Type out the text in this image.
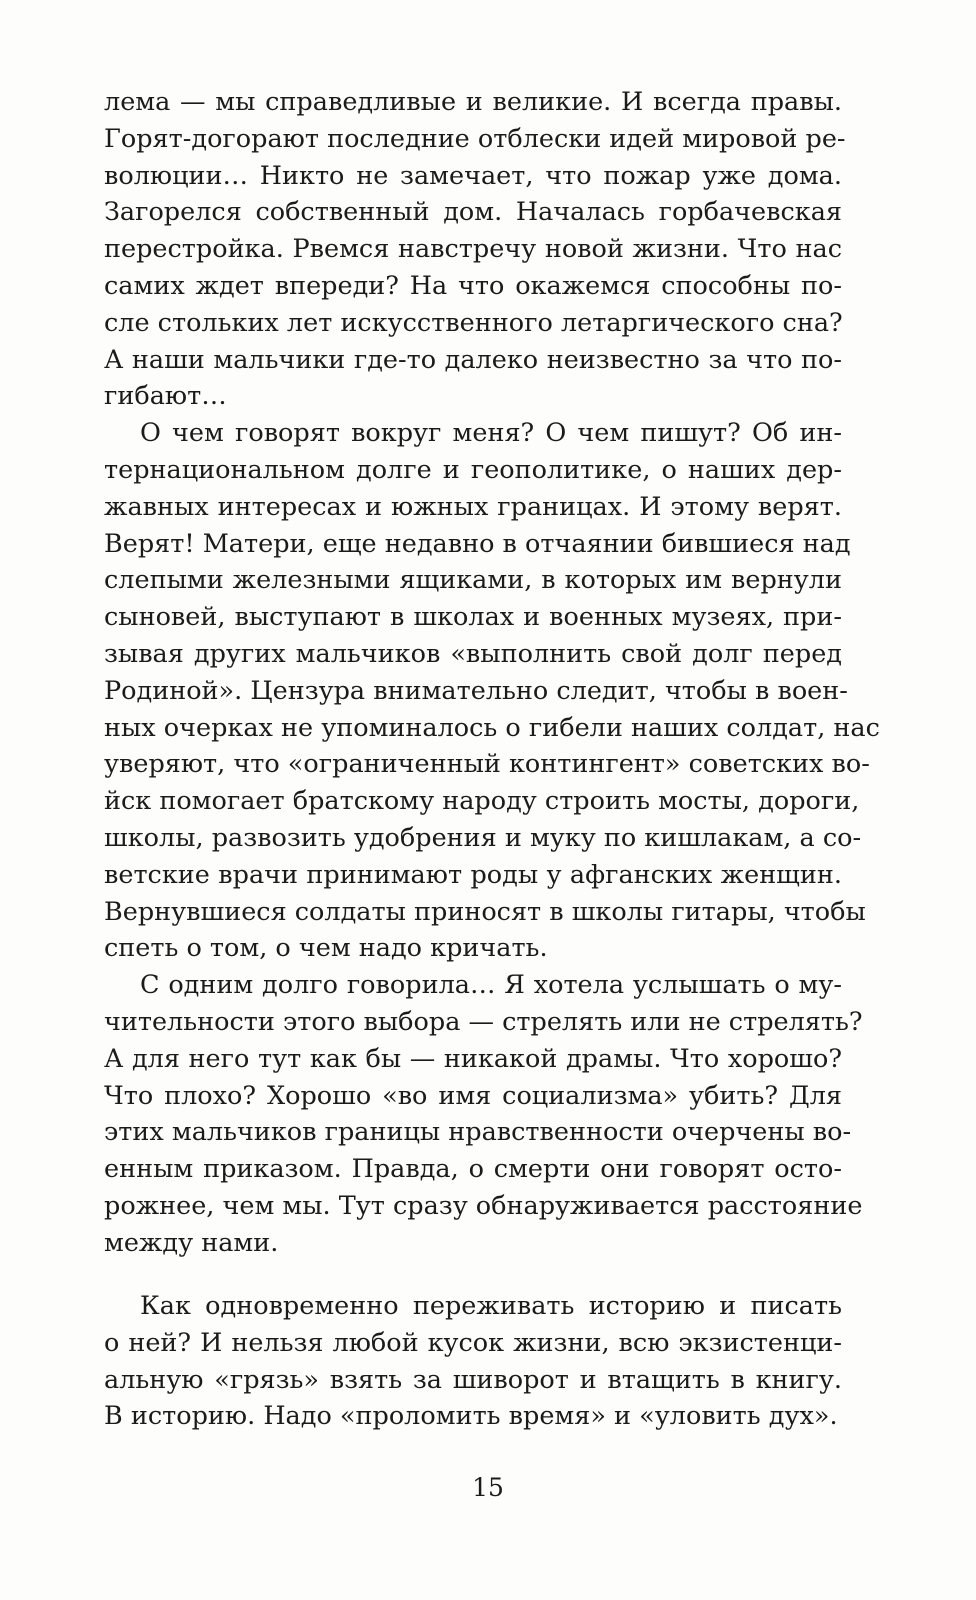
лема — мы справедливые и великие. И всегда правы.
Горят-догорают последние отблески идей мировой ре-
волюции… Никто не замечает, что пожар уже дома.
Загорелся собственный дом. Началась горбачевская
перестройка. Рвемся навстречу новой жизни. Что нас
самих ждет впереди? На что окажемся способны по-
сле стольких лет искусственного летаргического сна?
А наши мальчики где-то далеко неизвестно за что по-
гибают…
О чем говорят вокруг меня? О чем пишут? Об ин-
тернациональном долге и геополитике, о наших дер-
жавных интересах и южных границах. И этому верят.
Верят! Матери, еще недавно в отчаянии бившиеся над
слепыми железными ящиками, в которых им вернули
сыновей, выступают в школах и военных музеях, при-
зывая других мальчиков «выполнить свой долг перед
Родиной». Цензура внимательно следит, чтобы в воен-
ных очерках не упоминалось о гибели наших солдат, нас
уверяют, что «ограниченный контингент» советских во-
йск помогает братскому народу строить мосты, дороги,
школы, развозить удобрения и муку по кишлакам, а со-
ветские врачи принимают роды у афганских женщин.
Вернувшиеся солдаты приносят в школы гитары, чтобы
спеть о том, о чем надо кричать.
С одним долго говорила… Я хотела услышать о му-
чительности этого выбора — стрелять или не стрелять?
А для него тут как бы — никакой драмы. Что хорошо?
Что плохо? Хорошо «во имя социализма» убить? Для
этих мальчиков границы нравственности очерчены во-
енным приказом. Правда, о смерти они говорят осто-
рожнее, чем мы. Тут сразу обнаруживается расстояние
между нами.
Как одновременно переживать историю и писать
о ней? И нельзя любой кусок жизни, всю экзистенци-
альную «грязь» взять за шиворот и втащить в книгу.
В историю. Надо «проломить время» и «уловить дух».
15
